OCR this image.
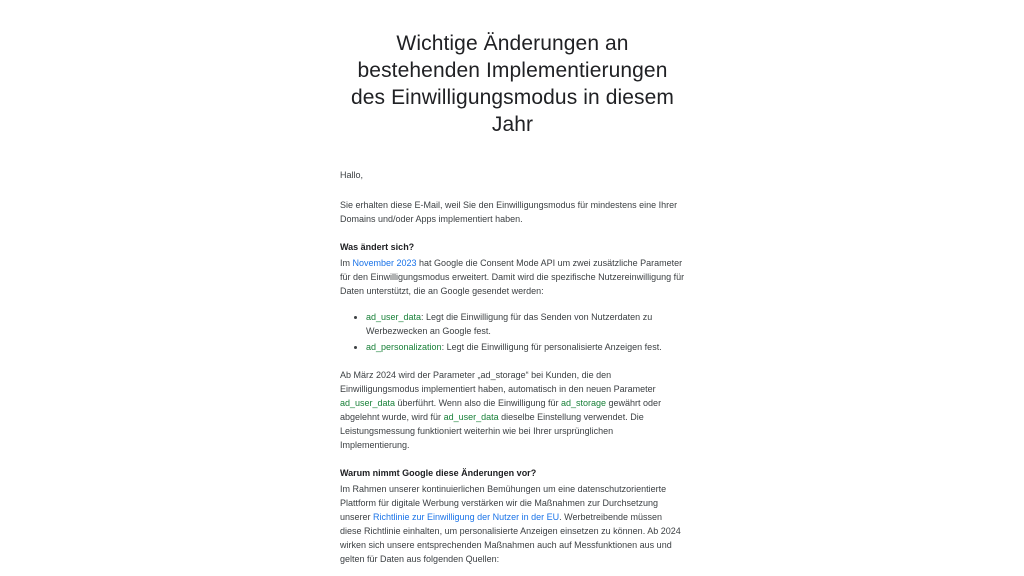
Wichtige Änderungen an bestehenden Implementierungen des Einwilligungsmodus in diesem Jahr

Hallo,

Sie erhalten diese E-Mail, weil Sie den Einwilligungsmodus für mindestens eine Ihrer Domains und/oder Apps implementiert haben.

Was ändert sich?

Im November 2023 hat Google die Consent Mode API um zwei zusätzliche Parameter für den Einwilligungsmodus erweitert. Damit wird die spezifische Nutzereinwilligung für Daten unterstützt, die an Google gesendet werden:

• ad_user_data: Legt die Einwilligung für das Senden von Nutzerdaten zu Werbezwecken an Google fest.
• ad_personalization: Legt die Einwilligung für personalisierte Anzeigen fest.

Ab März 2024 wird der Parameter „ad_storage“ bei Kunden, die den Einwilligungsmodus implementiert haben, automatisch in den neuen Parameter ad_user_data überführt. Wenn also die Einwilligung für ad_storage gewährt oder abgelehnt wurde, wird für ad_user_data dieselbe Einstellung verwendet. Die Leistungsmessung funktioniert weiterhin wie bei Ihrer ursprünglichen Implementierung.

Warum nimmt Google diese Änderungen vor?

Im Rahmen unserer kontinuierlichen Bemühungen um eine datenschutzorientierte Plattform für digitale Werbung verstärken wir die Maßnahmen zur Durchsetzung unserer Richtlinie zur Einwilligung der Nutzer in der EU. Werbetreibende müssen diese Richtlinie einhalten, um personalisierte Anzeigen einsetzen zu können. Ab 2024 wirken sich unsere entsprechenden Maßnahmen auch auf Messfunktionen aus und gelten für Daten aus folgenden Quellen:
